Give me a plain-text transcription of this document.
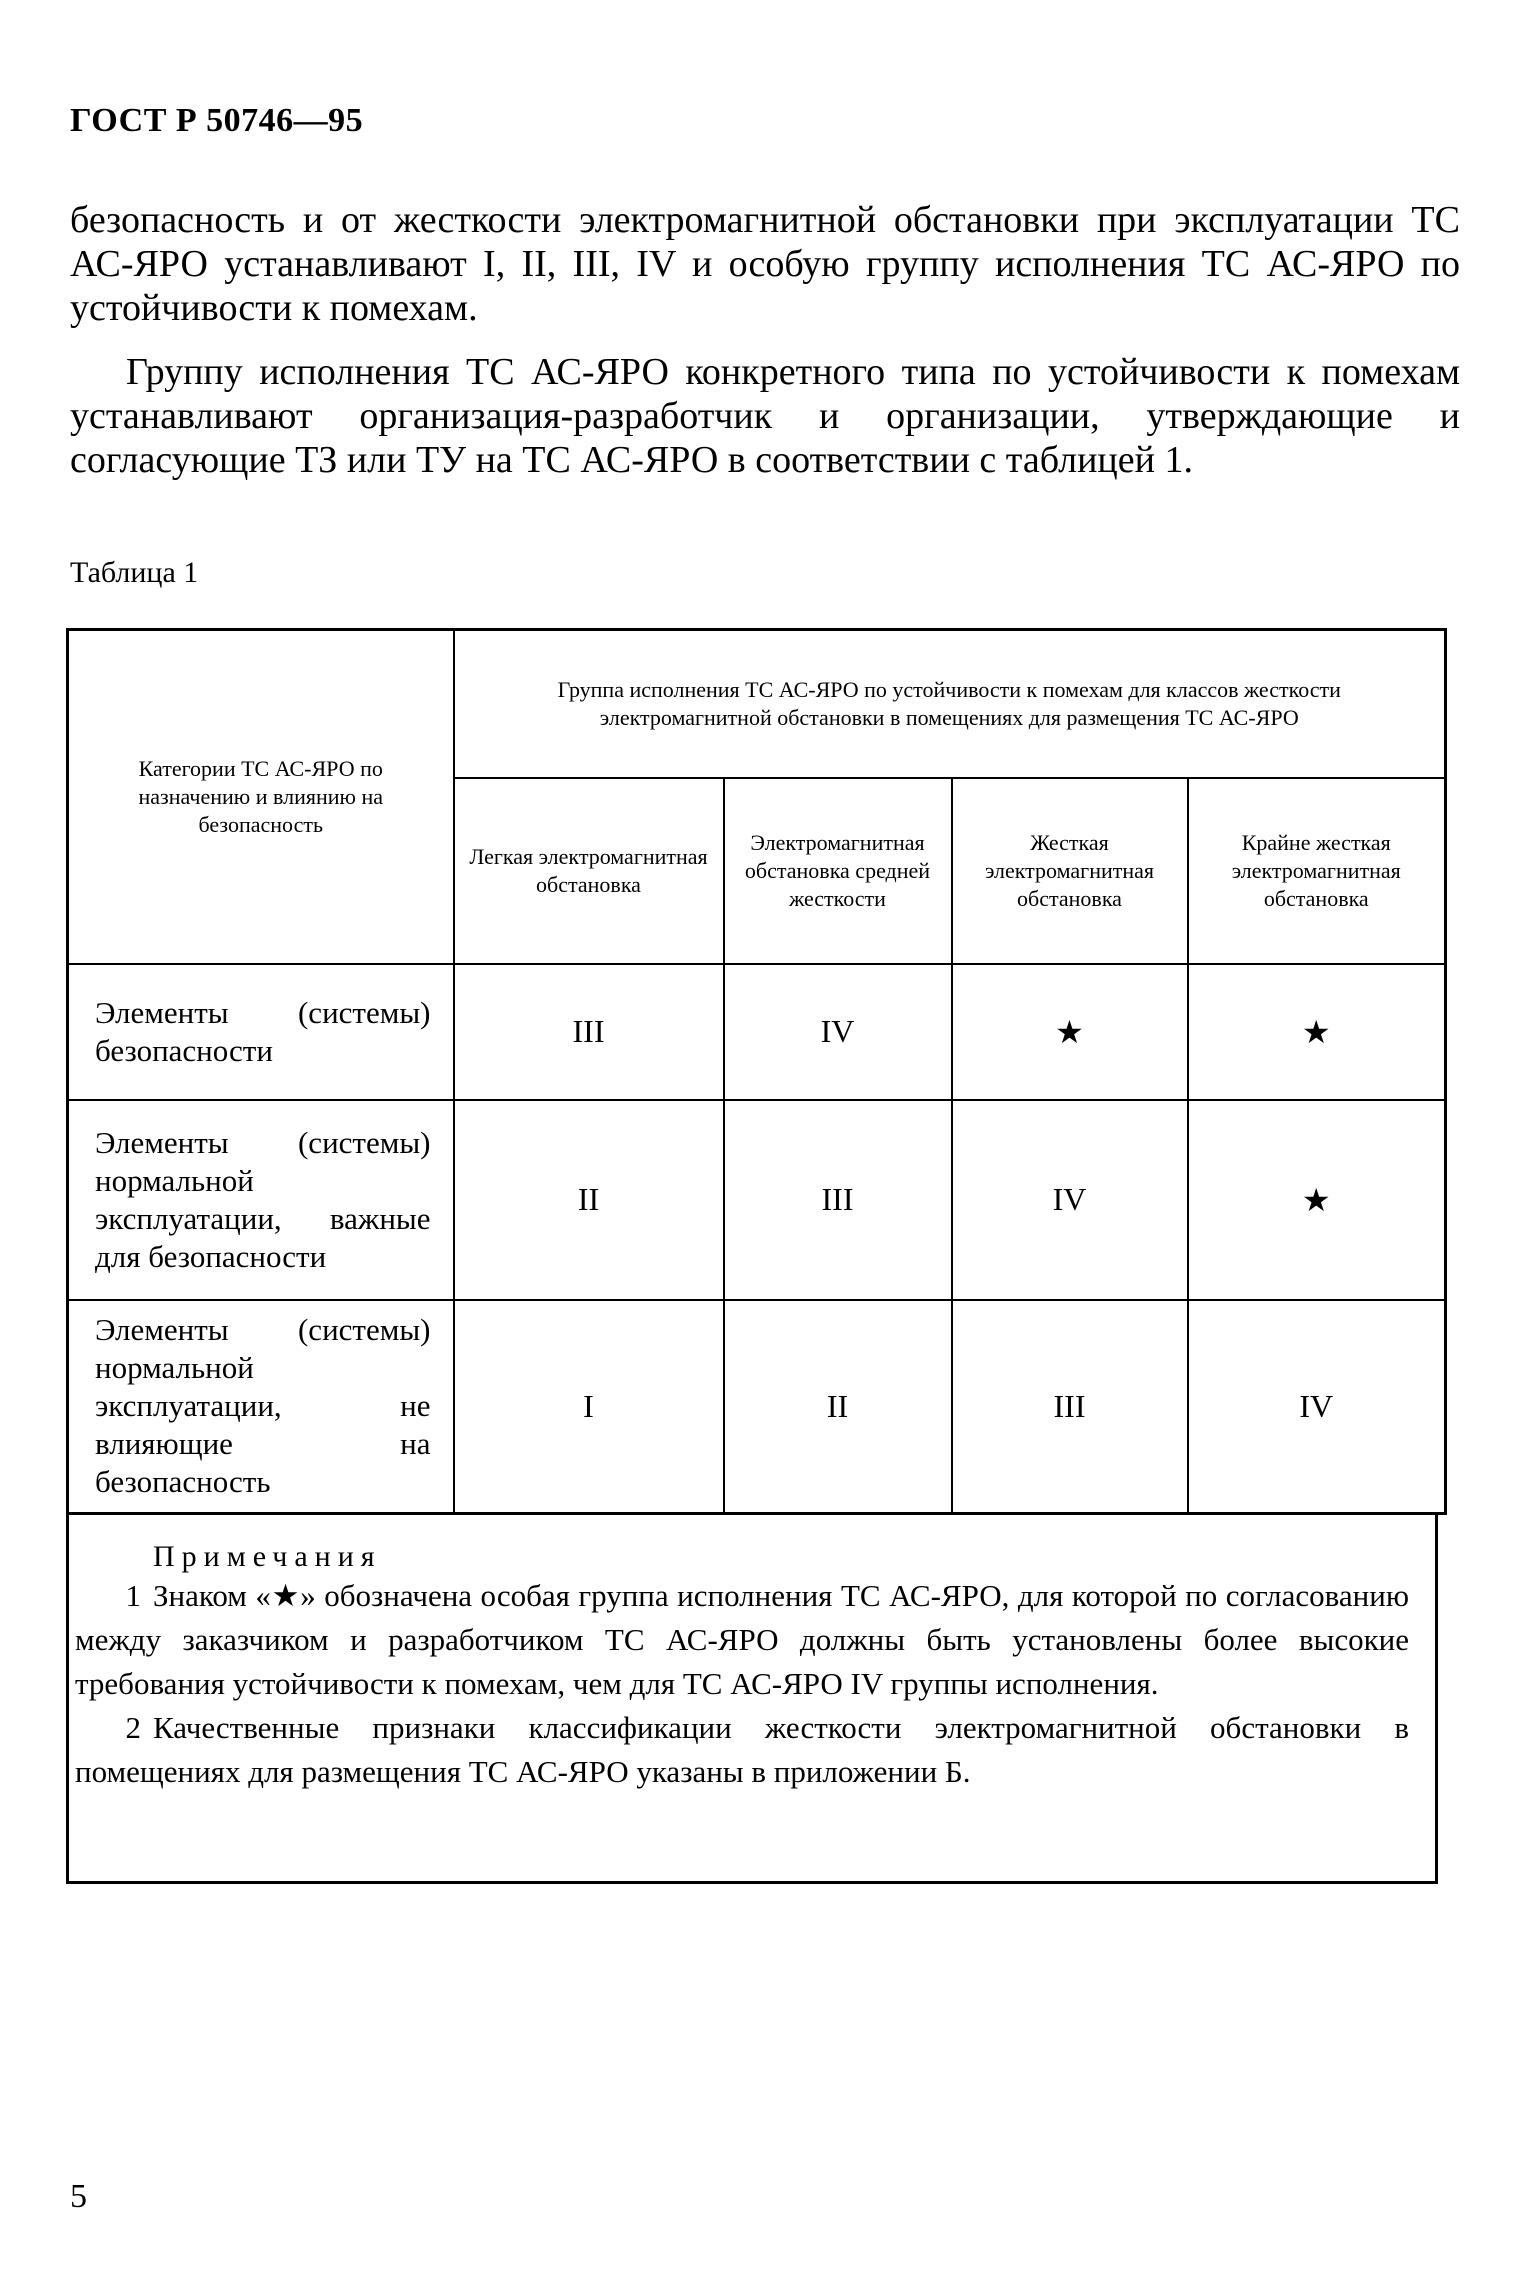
ГОСТ Р 50746—95
безопасность и от жесткости электромагнитной обстановки при эксплуатации ТС АС-ЯРО устанавливают I, II, III, IV и особую группу исполнения ТС АС-ЯРО по устойчивости к помехам.
Группу исполнения ТС АС-ЯРО конкретного типа по устойчивости к помехам устанавливают организация-разработчик и организации, утверждающие и согласующие ТЗ или ТУ на ТС АС-ЯРО в соответствии с таблицей 1.
Таблица 1
Категории ТС АС-ЯРО по назначению и влиянию на безопасность	Группа исполнения ТС АС-ЯРО по устойчивости к помехам для классов жесткости электромагнитной обстановки в помещениях для размещения ТС АС-ЯРО			

	Легкая электромагнитная обстановка	Электромагнитная обстановка средней жесткости	Жесткая электромагнитная обстановка	Крайне жесткая электромагнитная обстановка

Элементы (системы) безопасности	III	IV	★	★

Элементы (системы) нормальной эксплуатации, важные для безопасности	II	III	IV	★

Элементы (системы) нормальной эксплуатации, не влияющие на безопасность	I	II	III	IV
Примечания
1 Знаком «★» обозначена особая группа исполнения ТС АС-ЯРО, для которой по согласованию между заказчиком и разработчиком ТС АС-ЯРО должны быть установлены более высокие требования устойчивости к помехам, чем для ТС АС-ЯРО IV группы исполнения.
2 Качественные признаки классификации жесткости электромагнитной обстановки в помещениях для размещения ТС АС-ЯРО указаны в приложении Б.
5
